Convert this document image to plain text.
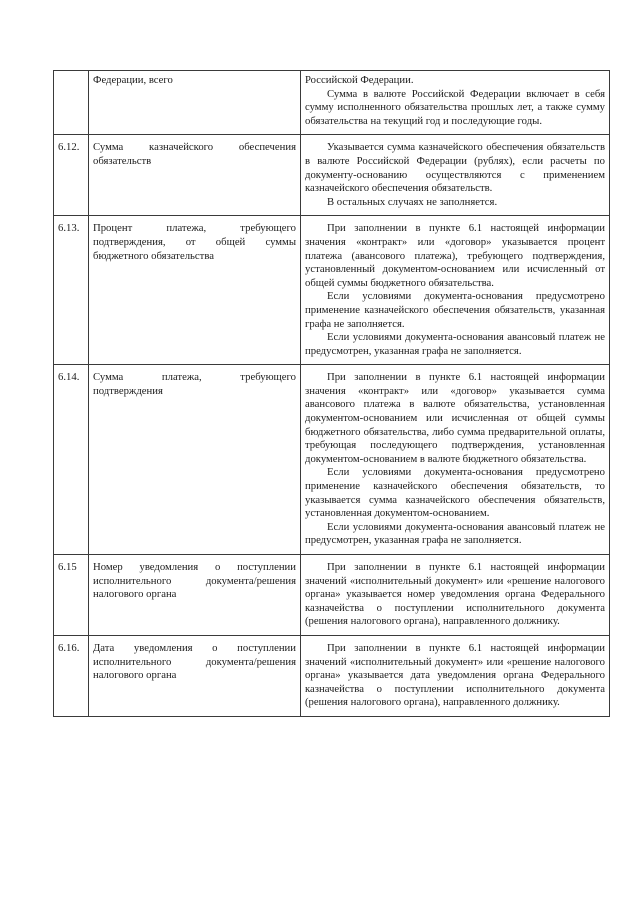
	Федерации, всего	Российской Федерации.

Сумма в валюте Российской Федерации включает в себя сумму исполненного обязательства прошлых лет, а также сумму обязательства на текущий год и последующие годы.

6.12.	Сумма казначейского обеспечения обязательств	Указывается сумма казначейского обеспечения обязательств в валюте Российской Федерации (рублях), если расчеты по документу-основанию осуществляются с применением казначейского обеспечения обязательств.

В остальных случаях не заполняется.

6.13.	Процент платежа, требующего подтверждения, от общей суммы бюджетного обязательства	При заполнении в пункте 6.1 настоящей информации значения «контракт» или «договор» указывается процент платежа (авансового платежа), требующего подтверждения, установленный документом-основанием или исчисленный от общей суммы бюджетного обязательства.

Если условиями документа-основания предусмотрено применение казначейского обеспечения обязательств, указанная графа не заполняется.

Если условиями документа-основания авансовый платеж не предусмотрен, указанная графа не заполняется.

6.14.	Сумма платежа, требующего подтверждения	При заполнении в пункте 6.1 настоящей информации значения «контракт» или «договор» указывается сумма авансового платежа в валюте обязательства, установленная документом-основанием или исчисленная от общей суммы бюджетного обязательства, либо сумма предварительной оплаты, требующая последующего подтверждения, установленная документом-основанием в валюте бюджетного обязательства.

Если условиями документа-основания предусмотрено применение казначейского обеспечения обязательств, то указывается сумма казначейского обеспечения обязательств, установленная документом-основанием.

Если условиями документа-основания авансовый платеж не предусмотрен, указанная графа не заполняется.

6.15	Номер уведомления о поступлении исполнительного документа/решения налогового органа	При заполнении в пункте 6.1 настоящей информации значений «исполнительный документ» или «решение налогового органа» указывается номер уведомления органа Федерального казначейства о поступлении исполнительного документа (решения налогового органа), направленного должнику.

6.16.	Дата уведомления о поступлении исполнительного документа/решения налогового органа	При заполнении в пункте 6.1 настоящей информации значений «исполнительный документ» или «решение налогового органа» указывается дата уведомления органа Федерального казначейства о поступлении исполнительного документа (решения налогового органа), направленного должнику.
